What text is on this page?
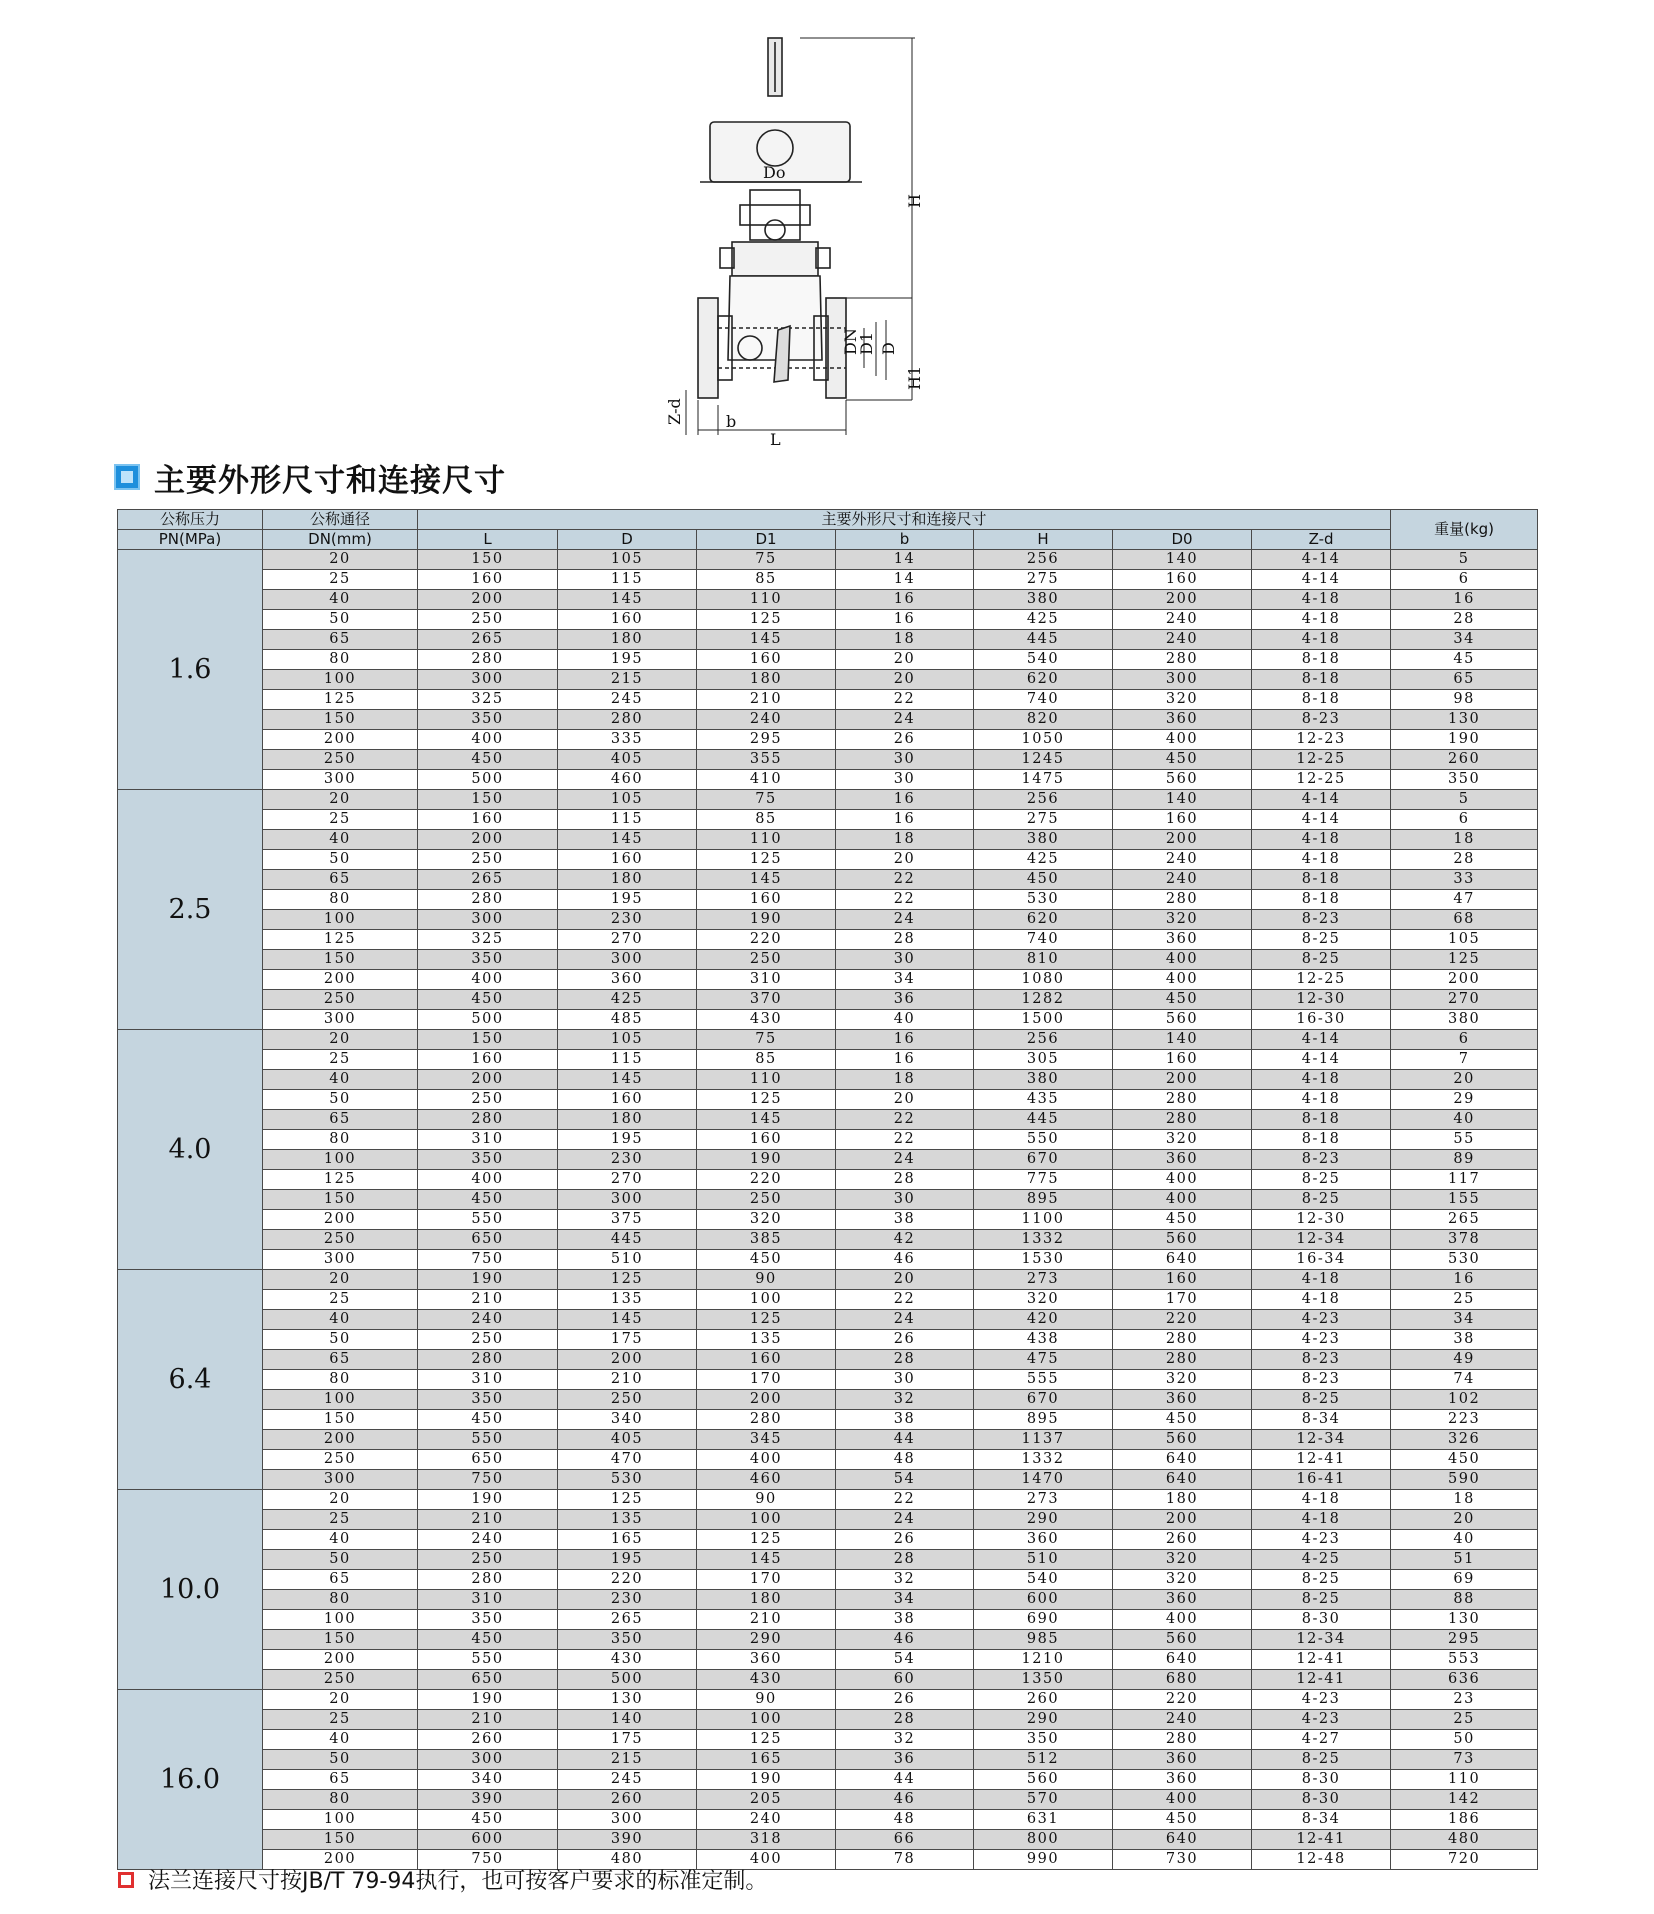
Do
H
DN
D1 D
H1
Z-d	b
L
主要外形尺寸和连接尺寸
公称压力	公称通径	主要外形尺寸和连接尺寸							重量(kg)
PN(MPa)	DN(mm)	L	D	D1	b	H	D0	Z-d	
1.6	20	150	105	75	14	256	140	4-14	5
	25	160	115	85	14	275	160	4-14	6
	40	200	145	110	16	380	200	4-18	16
	50	250	160	125	16	425	240	4-18	28
	65	265	180	145	18	445	240	4-18	34
	80	280	195	160	20	540	280	8-18	45
	100	300	215	180	20	620	300	8-18	65
	125	325	245	210	22	740	320	8-18	98
	150	350	280	240	24	820	360	8-23	130
	200	400	335	295	26	1050	400	12-23	190
	250	450	405	355	30	1245	450	12-25	260
	300	500	460	410	30	1475	560	12-25	350
2.5	20	150	105	75	16	256	140	4-14	5
	25	160	115	85	16	275	160	4-14	6
	40	200	145	110	18	380	200	4-18	18
	50	250	160	125	20	425	240	4-18	28
	65	265	180	145	22	450	240	8-18	33
	80	280	195	160	22	530	280	8-18	47
	100	300	230	190	24	620	320	8-23	68
	125	325	270	220	28	740	360	8-25	105
	150	350	300	250	30	810	400	8-25	125
	200	400	360	310	34	1080	400	12-25	200
	250	450	425	370	36	1282	450	12-30	270
	300	500	485	430	40	1500	560	16-30	380
4.0	20	150	105	75	16	256	140	4-14	6
	25	160	115	85	16	305	160	4-14	7
	40	200	145	110	18	380	200	4-18	20
	50	250	160	125	20	435	280	4-18	29
	65	280	180	145	22	445	280	8-18	40
	80	310	195	160	22	550	320	8-18	55
	100	350	230	190	24	670	360	8-23	89
	125	400	270	220	28	775	400	8-25	117
	150	450	300	250	30	895	400	8-25	155
	200	550	375	320	38	1100	450	12-30	265
	250	650	445	385	42	1332	560	12-34	378
	300	750	510	450	46	1530	640	16-34	530
6.4	20	190	125	90	20	273	160	4-18	16
	25	210	135	100	22	320	170	4-18	25
	40	240	145	125	24	420	220	4-23	34
	50	250	175	135	26	438	280	4-23	38
	65	280	200	160	28	475	280	8-23	49
	80	310	210	170	30	555	320	8-23	74
	100	350	250	200	32	670	360	8-25	102
	150	450	340	280	38	895	450	8-34	223
	200	550	405	345	44	1137	560	12-34	326
	250	650	470	400	48	1332	640	12-41	450
	300	750	530	460	54	1470	640	16-41	590
10.0	20	190	125	90	22	273	180	4-18	18
	25	210	135	100	24	290	200	4-18	20
	40	240	165	125	26	360	260	4-23	40
	50	250	195	145	28	510	320	4-25	51
	65	280	220	170	32	540	320	8-25	69
	80	310	230	180	34	600	360	8-25	88
	100	350	265	210	38	690	400	8-30	130
	150	450	350	290	46	985	560	12-34	295
	200	550	430	360	54	1210	640	12-41	553
	250	650	500	430	60	1350	680	12-41	636
16.0	20	190	130	90	26	260	220	4-23	23
	25	210	140	100	28	290	240	4-23	25
	40	260	175	125	32	350	280	4-27	50
	50	300	215	165	36	512	360	8-25	73
	65	340	245	190	44	560	360	8-30	110
	80	390	260	205	46	570	400	8-30	142
	100	450	300	240	48	631	450	8-34	186
	150	600	390	318	66	800	640	12-41	480
	200	750	480	400	78	990	730	12-48	720
法兰连接尺寸按JB/T 79-94执行，也可按客户要求的标准定制。
